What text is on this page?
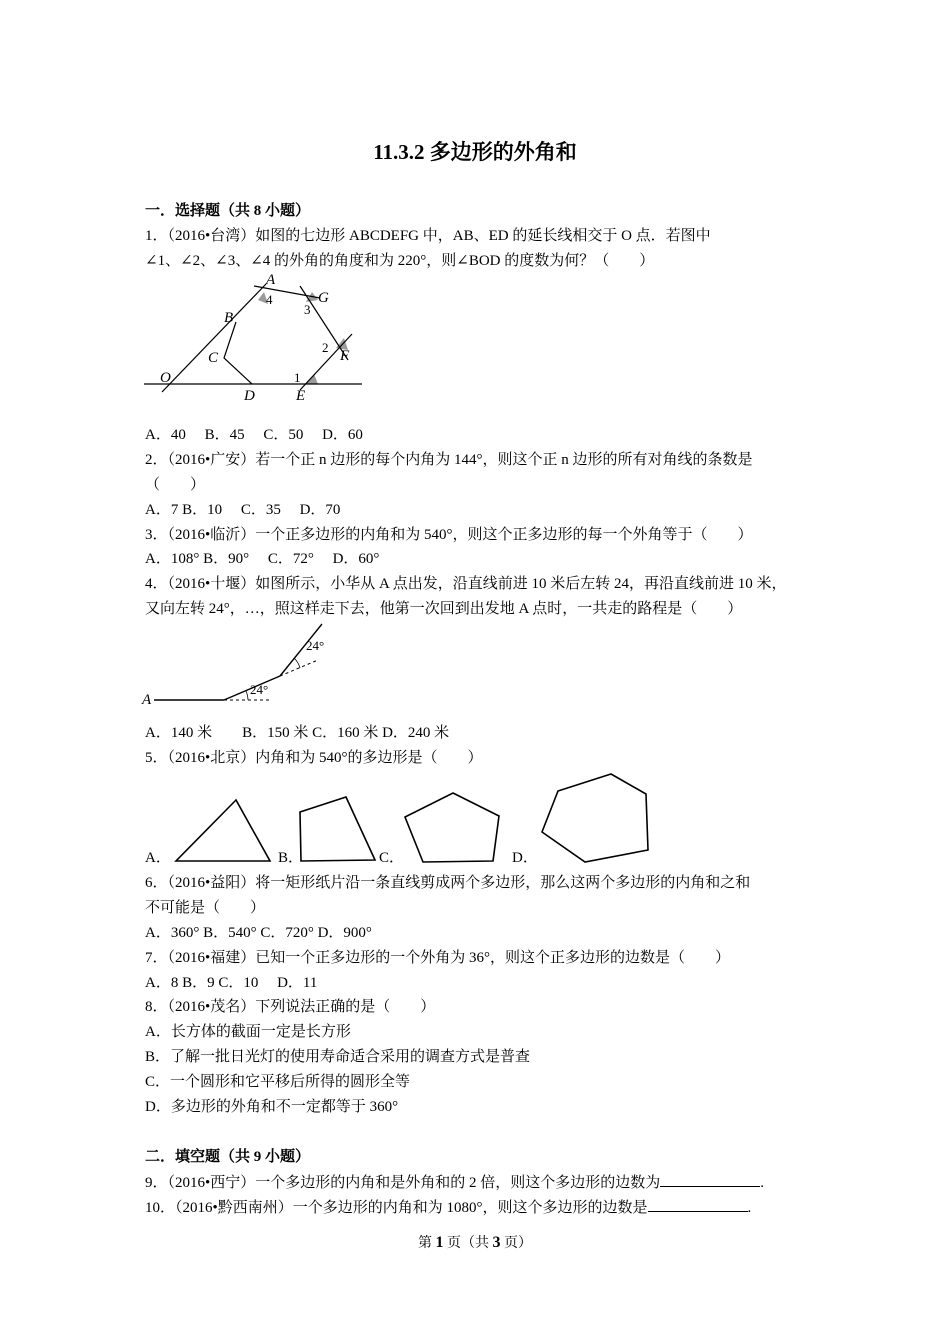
11.3.2 多边形的外角和
一．选择题（共 8 小题）
1．（2016•台湾）如图的七边形 ABCDEFG 中，AB、ED 的延长线相交于 O 点．若图中
∠1、∠2、∠3、∠4 的外角的角度和为 220°，则∠BOD 的度数为何？（　　）
A
B
C
D	E
F
G
O	1
2
3
4
A．40　 B．45　 C．50　 D．60
2．（2016•广安）若一个正 n 边形的每个内角为 144°，则这个正 n 边形的所有对角线的条数是
（　　）
A．7 B．10　 C．35　 D．70
3．（2016•临沂）一个正多边形的内角和为 540°，则这个正多边形的每一个外角等于（　　）
A．108° B．90°　 C．72°　 D．60°
4．（2016•十堰）如图所示，小华从 A 点出发，沿直线前进 10 米后左转 24，再沿直线前进 10 米，
又向左转 24°，…，照这样走下去，他第一次回到出发地 A 点时，一共走的路程是（　　）
A
24°
24°
A．140 米　　B．150 米 C．160 米 D．240 米
5．（2016•北京）内角和为 540°的多边形是（　　）
A．	B．	C．	D．
6．（2016•益阳）将一矩形纸片沿一条直线剪成两个多边形，那么这两个多边形的内角和之和
不可能是（　　）
A．360° B．540° C．720° D．900°
7．（2016•福建）已知一个正多边形的一个外角为 36°，则这个正多边形的边数是（　　）
A．8 B．9 C．10　 D．11
8．（2016•茂名）下列说法正确的是（　　）
A．长方体的截面一定是长方形
B．了解一批日光灯的使用寿命适合采用的调查方式是普查
C．一个圆形和它平移后所得的圆形全等
D．多边形的外角和不一定都等于 360°
二．填空题（共 9 小题）
9．（2016•西宁）一个多边形的内角和是外角和的 2 倍，则这个多边形的边数为	.
10．（2016•黔西南州）一个多边形的内角和为 1080°，则这个多边形的边数是	.
第 1 页（共 3 页）
